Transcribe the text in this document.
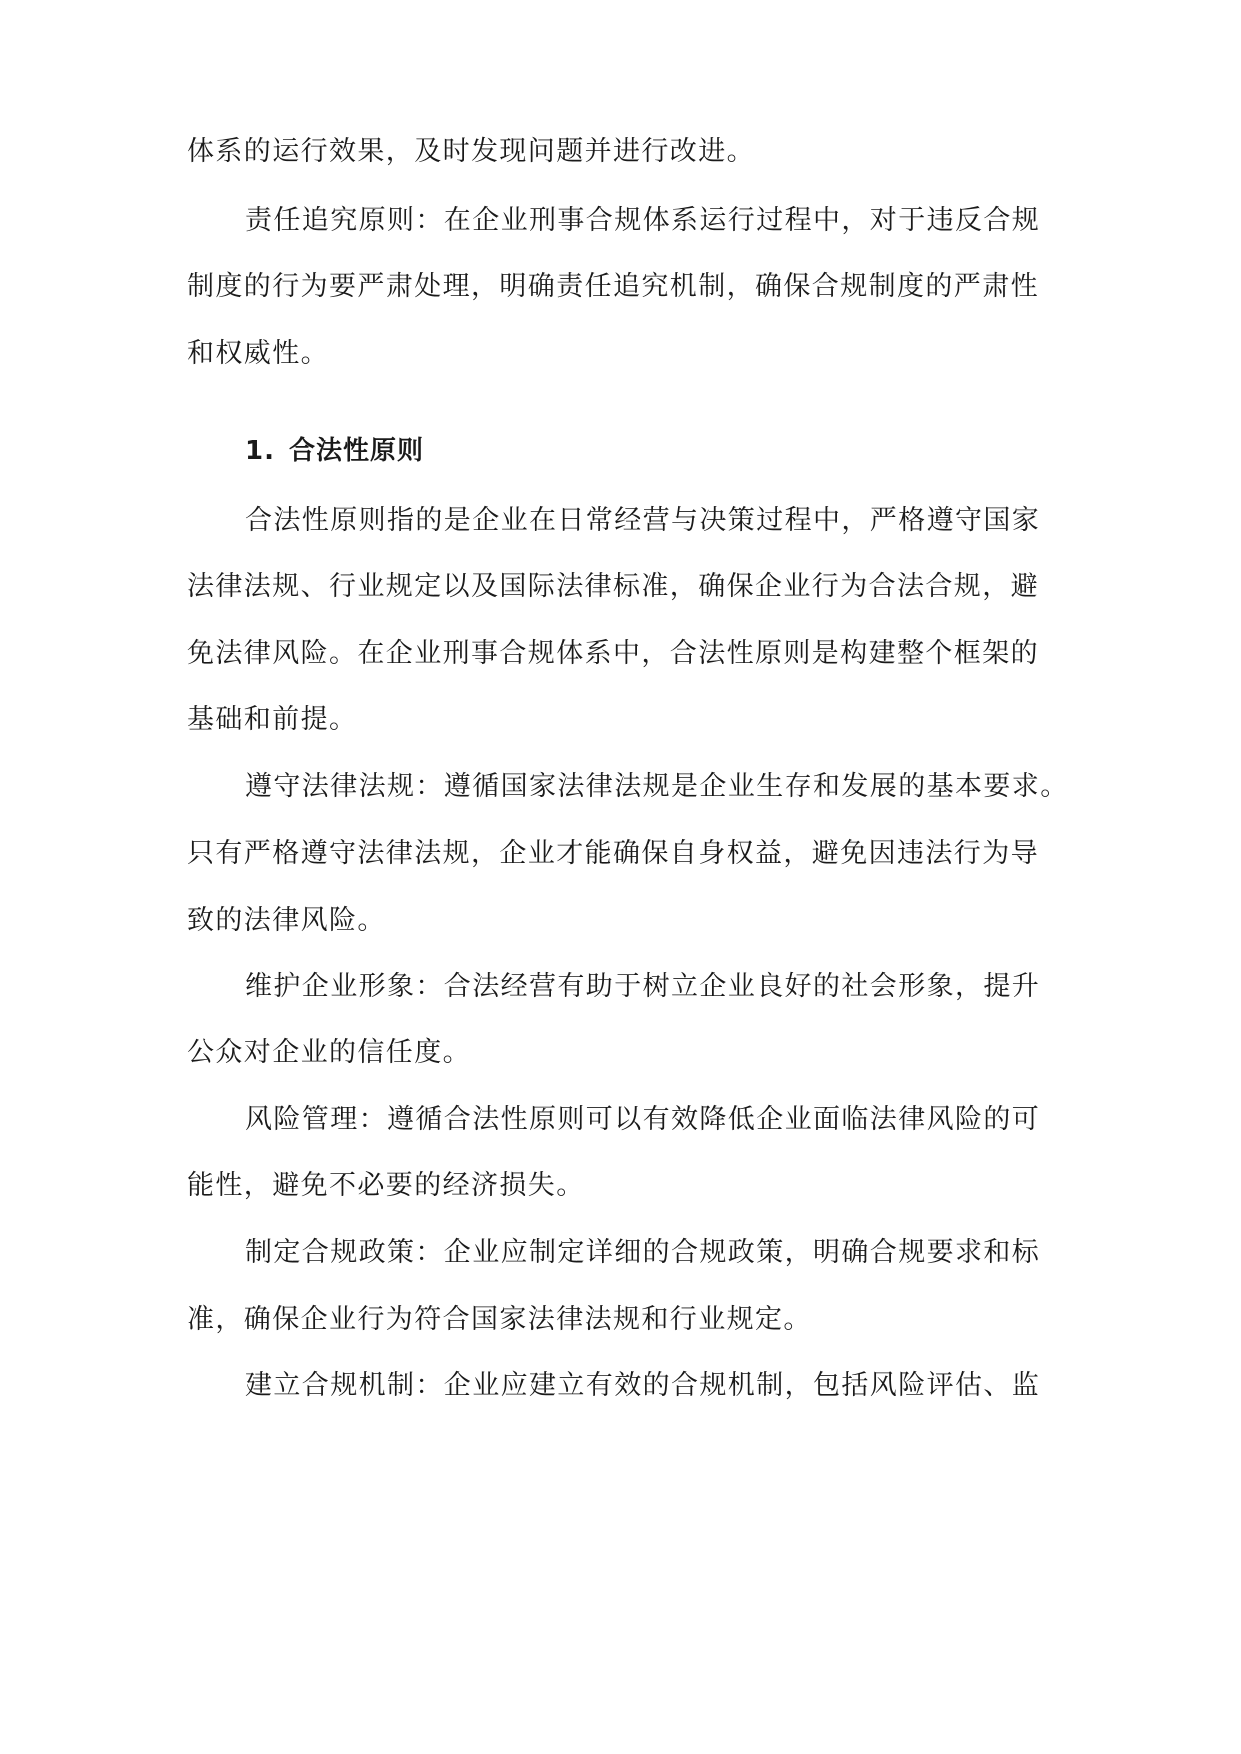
体系的运行效果，及时发现问题并进行改进。
责任追究原则：在企业刑事合规体系运行过程中，对于违反合规
制度的行为要严肃处理，明确责任追究机制，确保合规制度的严肃性
和权威性。
1. 合法性原则
合法性原则指的是企业在日常经营与决策过程中，严格遵守国家
法律法规、行业规定以及国际法律标准，确保企业行为合法合规，避
免法律风险。在企业刑事合规体系中，合法性原则是构建整个框架的
基础和前提。
遵守法律法规：遵循国家法律法规是企业生存和发展的基本要求。
只有严格遵守法律法规，企业才能确保自身权益，避免因违法行为导
致的法律风险。
维护企业形象：合法经营有助于树立企业良好的社会形象，提升
公众对企业的信任度。
风险管理：遵循合法性原则可以有效降低企业面临法律风险的可
能性，避免不必要的经济损失。
制定合规政策：企业应制定详细的合规政策，明确合规要求和标
准，确保企业行为符合国家法律法规和行业规定。
建立合规机制：企业应建立有效的合规机制，包括风险评估、监
